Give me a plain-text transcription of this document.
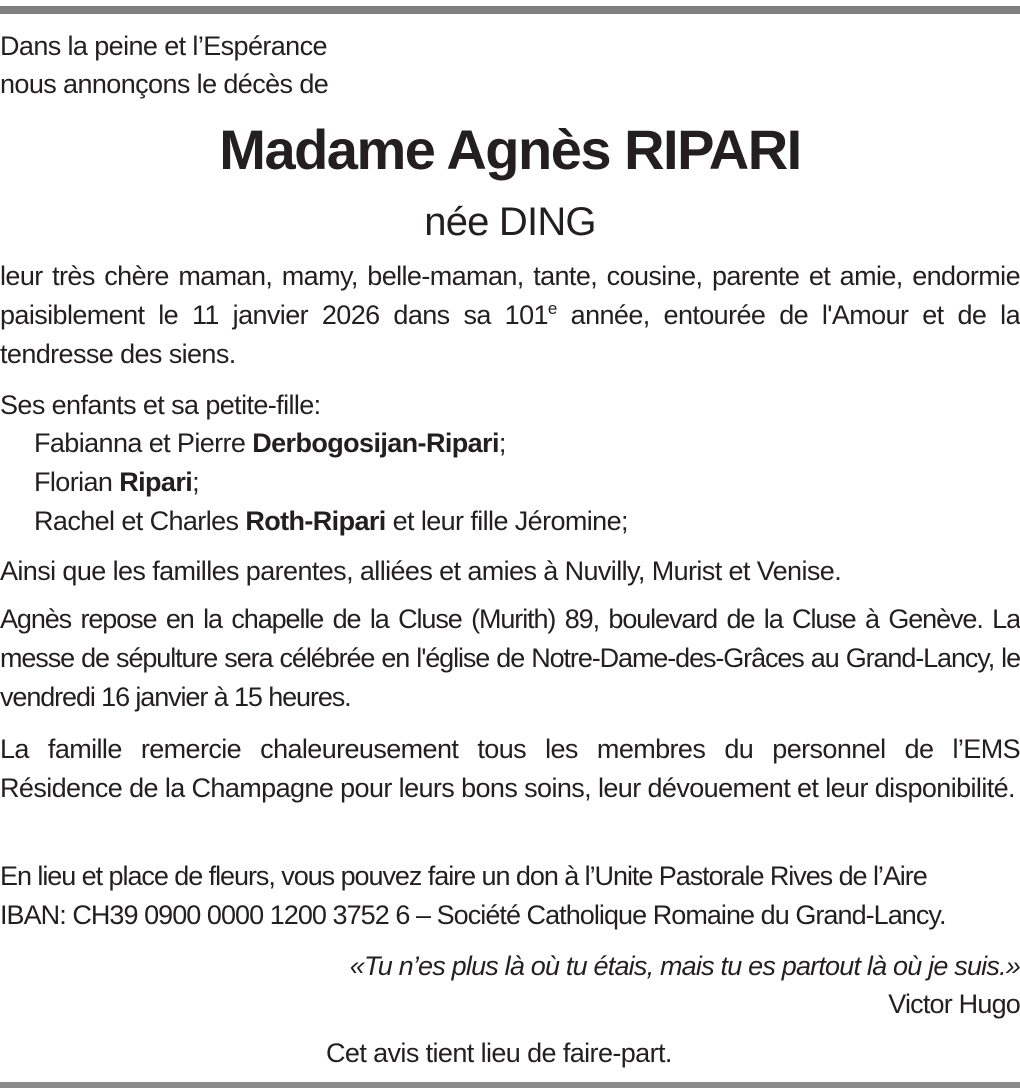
Dans la peine et l’Espérance
nous annonçons le décès de
Madame Agnès RIPARI
née DING
leur très chère maman, mamy, belle-maman, tante, cousine, parente et amie, endormie paisiblement le 11 janvier 2026 dans sa 101e année, entourée de l'Amour et de la tendresse des siens.
Ses enfants et sa petite-fille:
Fabianna et Pierre Derbogosijan-Ripari;
Florian Ripari;
Rachel et Charles Roth-Ripari et leur fille Jéromine;
Ainsi que les familles parentes, alliées et amies à Nuvilly, Murist et Venise.
Agnès repose en la chapelle de la Cluse (Murith) 89, boulevard de la Cluse à Genève. La messe de sépulture sera célébrée en l'église de Notre-Dame-des-Grâces au Grand-Lancy, le vendredi 16 janvier à 15 heures.
La famille remercie chaleureusement tous les membres du personnel de l’EMS Résidence de la Champagne pour leurs bons soins, leur dévouement et leur disponibilité.
En lieu et place de fleurs, vous pouvez faire un don à l’Unite Pastorale Rives de l’Aire
IBAN: CH39 0900 0000 1200 3752 6 – Société Catholique Romaine du Grand-Lancy.
«Tu n’es plus là où tu étais, mais tu es partout là où je suis.»
Victor Hugo
Cet avis tient lieu de faire-part.
